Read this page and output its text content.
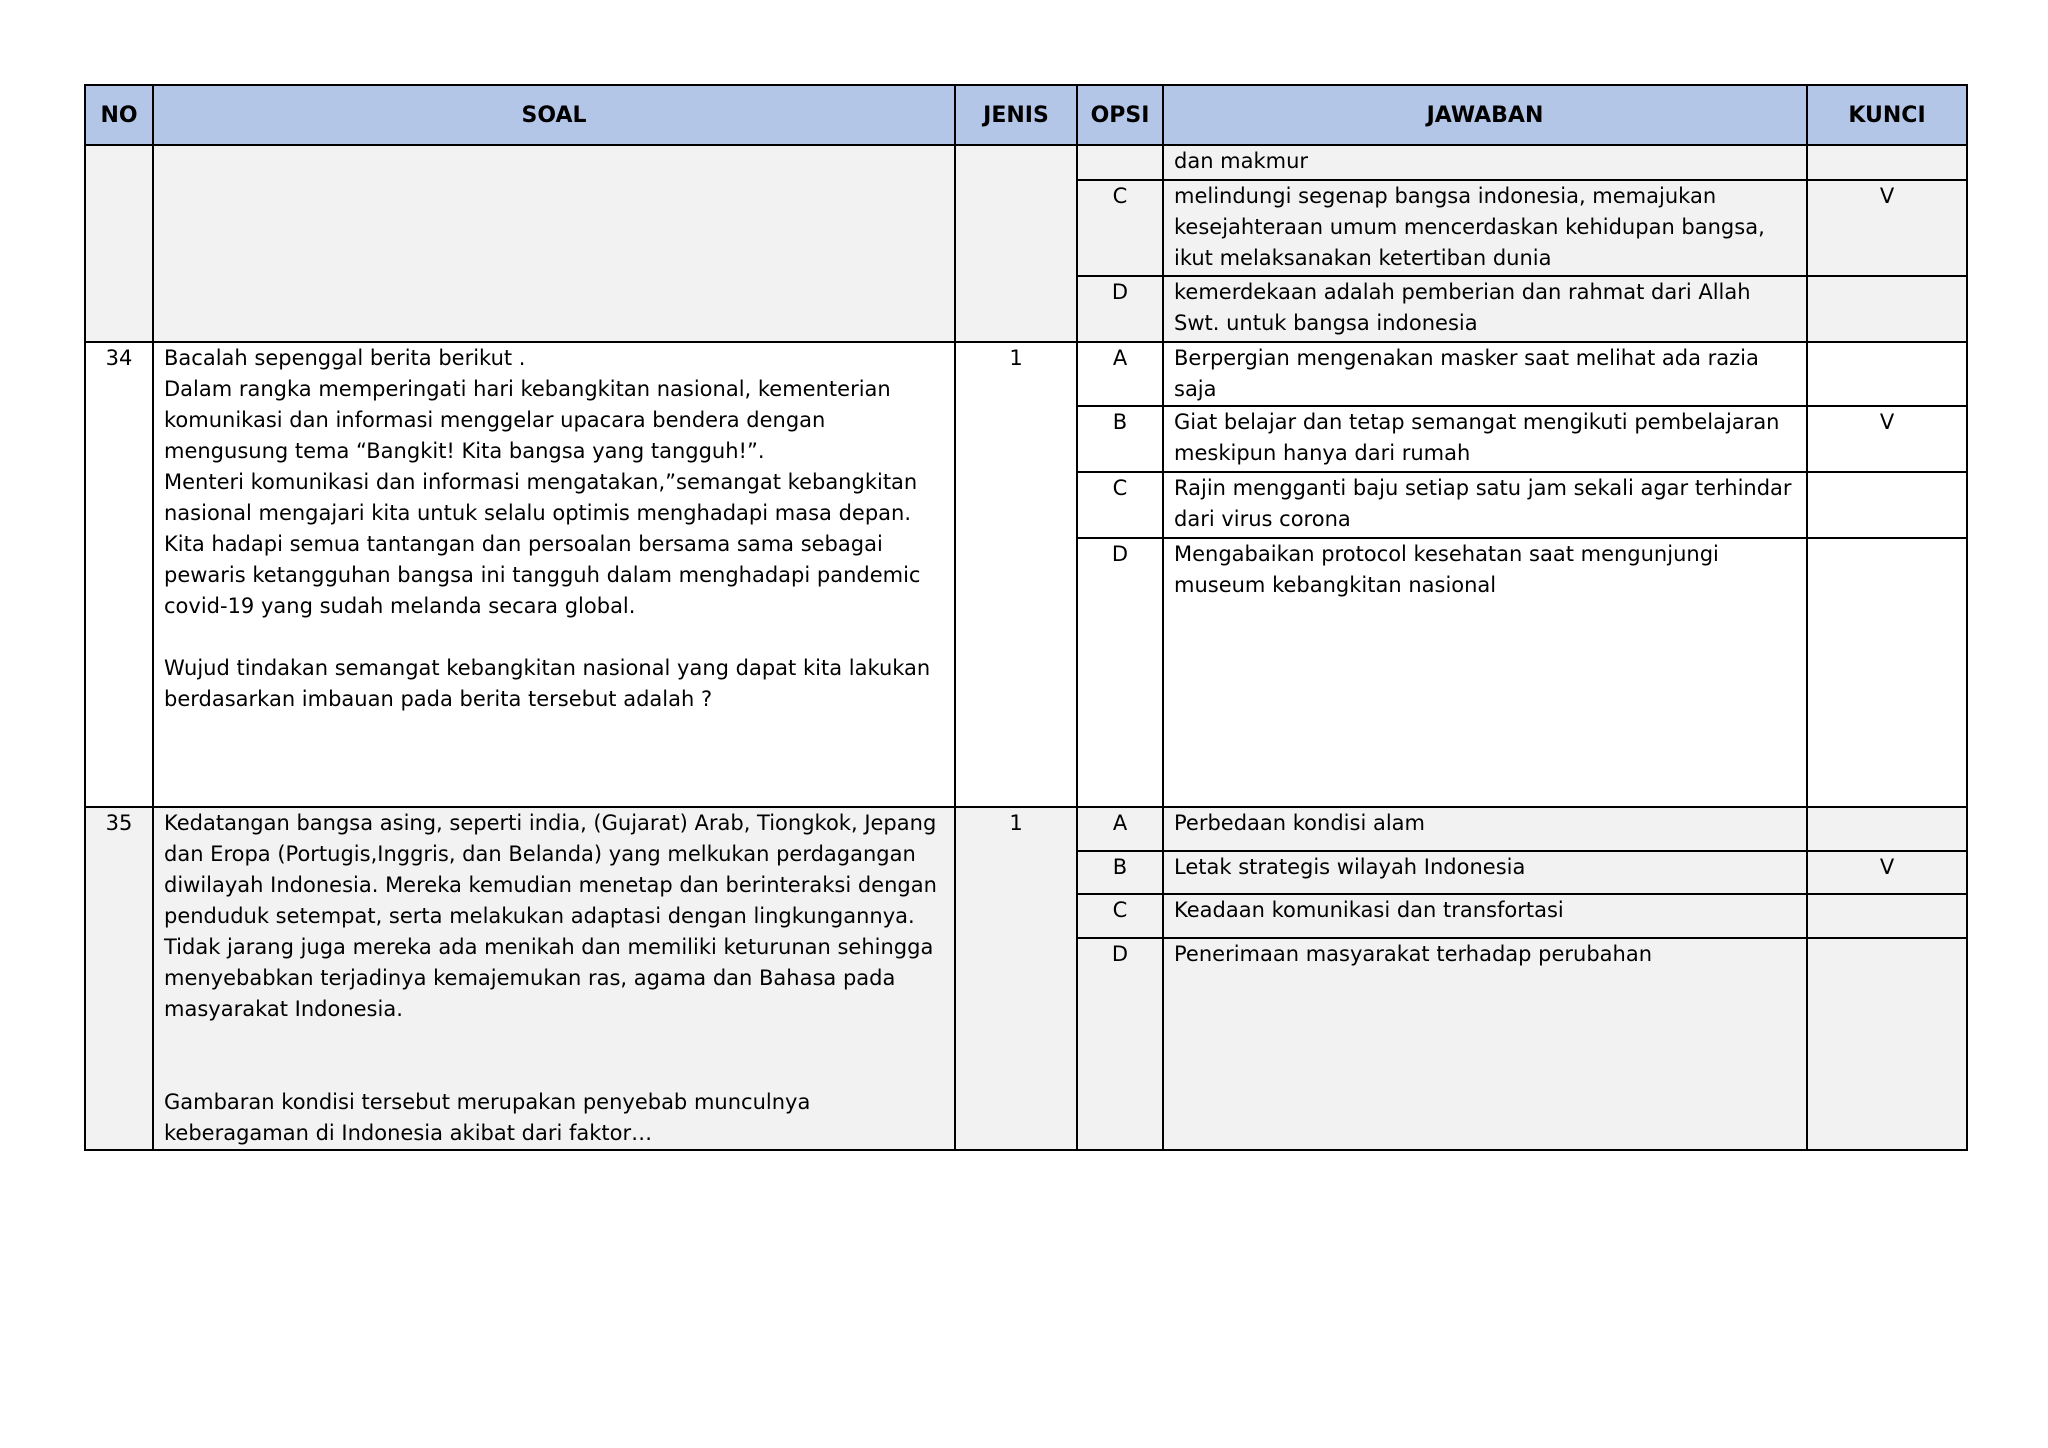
NO	SOAL	JENIS	OPSI	JAWABAN	KUNCI
				dan makmur	
			C	melindungi segenap bangsa indonesia, memajukan kesejahteraan umum mencerdaskan kehidupan bangsa, ikut melaksanakan ketertiban dunia	V
			D	kemerdekaan adalah pemberian dan rahmat dari Allah Swt. untuk bangsa indonesia	
34	Bacalah sepenggal berita berikut .
Dalam rangka memperingati hari kebangkitan nasional, kementerian komunikasi dan informasi menggelar upacara bendera dengan mengusung tema “Bangkit! Kita bangsa yang tangguh!”.
Menteri komunikasi dan informasi mengatakan,”semangat kebangkitan nasional mengajari kita untuk selalu optimis menghadapi masa depan. Kita hadapi semua tantangan dan persoalan bersama sama sebagai pewaris ketangguhan bangsa ini tangguh dalam menghadapi pandemic covid-19 yang sudah melanda secara global.

Wujud tindakan semangat kebangkitan nasional yang dapat kita lakukan berdasarkan imbauan pada berita tersebut adalah ?	1	A	Berpergian mengenakan masker saat melihat ada razia saja	
			B	Giat belajar dan tetap semangat mengikuti pembelajaran meskipun hanya dari rumah	V
			C	Rajin mengganti baju setiap satu jam sekali agar terhindar dari virus corona	
			D	Mengabaikan protocol kesehatan saat mengunjungi museum kebangkitan nasional	
35	Kedatangan bangsa asing, seperti india, (Gujarat) Arab, Tiongkok, Jepang dan Eropa (Portugis,Inggris, dan Belanda) yang melkukan perdagangan diwilayah Indonesia. Mereka kemudian menetap dan berinteraksi dengan penduduk setempat, serta melakukan adaptasi dengan lingkungannya. Tidak jarang juga mereka ada menikah dan memiliki keturunan sehingga menyebabkan terjadinya kemajemukan ras, agama dan Bahasa pada masyarakat Indonesia.

Gambaran kondisi tersebut merupakan penyebab munculnya keberagaman di Indonesia akibat dari faktor…	1	A	Perbedaan kondisi alam	
			B	Letak strategis wilayah Indonesia	V
			C	Keadaan komunikasi dan transfortasi	
			D	Penerimaan masyarakat terhadap perubahan	
